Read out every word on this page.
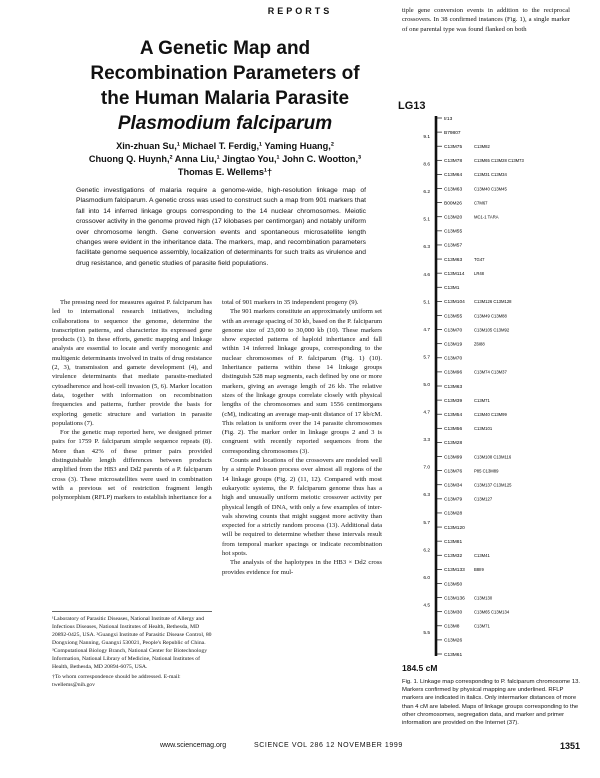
REPORTS
A Genetic Map and
Recombination Parameters of
the Human Malaria Parasite
Plasmodium falciparum
Xin-zhuan Su,¹ Michael T. Ferdig,¹ Yaming Huang,²
Chuong Q. Huynh,² Anna Liu,¹ Jingtao You,¹ John C. Wootton,³
Thomas E. Wellems¹†
Genetic investigations of malaria require a genome-wide, high-resolution linkage map of Plasmodium falciparum. A genetic cross was used to construct such a map from 901 markers that fall into 14 inferred linkage groups corresponding to the 14 nuclear chromosomes. Meiotic crossover activity in the genome proved high (17 kilobases per centimorgan) and notably uniform over chromosome length. Gene conversion events and spontaneous microsatellite length changes were evident in the inheritance data. The markers, map, and recombination parameters facilitate genome sequence assembly, localization of determinants for such traits as virulence and drug resistance, and genetic studies of parasite field populations.

The pressing need for measures against P. falciparum has led to international research initiatives, including collaborations to sequence the genome, determine the transcription patterns, and characterize its expressed gene products (1). In these efforts, genetic mapping and linkage analysis are essential to locate and verify monogenic and multigenic determinants involved in traits of drug resistance (2, 3), transmission and gamete development (4), and virulence determinants that mediate parasite-mediated cytoadherence and host-cell invasion (5, 6). Marker location data, together with information on recombination frequencies and patterns, further provide the basis for exploring genetic structure and variation in parasite populations (7).

For the genetic map reported here, we designed primer pairs for 1759 P. falciparum simple sequence repeats (8). More than 42% of these primer pairs provided distinguishable length differences between products amplified from the HB3 and Dd2 parents of a P. falciparum cross (3). These microsatellites were used in combination with a previous set of restriction fragment length polymorphism (RFLP) markers to establish inheritance for a

¹Laboratory of Parasitic Diseases, National Institute of Allergy and Infectious Diseases, National Institutes of Health, Bethesda, MD 20892-0425, USA. ²Guangxi Institute of Parasitic Disease Control, 80 Dongxiong Nanning, Guangxi 530021, People's Republic of China. ³Computational Biology Branch, National Center for Biotechnology Information, National Library of Medicine, National Institutes of Health, Bethesda, MD 20894-6075, USA.

†To whom correspondence should be addressed. E-mail: twellems@nih.gov

total of 901 markers in 35 independent progeny (9).

The 901 markers constitute an approximately uniform set with an average spacing of 30 kb, based on the P. falciparum genome size of 23,000 to 30,000 kb (10). These markers show expected patterns of haploid inheritance and fall within 14 inferred linkage groups, corresponding to the nuclear chromosomes of P. falciparum (Fig. 1) (10). Inheritance patterns within these 14 linkage groups distinguish 528 map segments, each defined by one or more markers, giving an average length of 26 kb. The relative sizes of the linkage groups correlate closely with physical lengths of the chromosomes and sum 1556 centimorgans (cM), indicating an average map-unit distance of 17 kb/cM. This relation is uniform over the 14 parasite chromosomes (Fig. 2). The marker order in linkage groups 2 and 3 is congruent with recently reported sequences from the corresponding chromosomes (3).

Counts and locations of the crossovers are modeled well by a simple Poisson process over almost all regions of the 14 linkage groups (Fig. 2) (11, 12). Compared with most eukaryotic systems, the P. falciparum genome thus has a high and unusually uniform meiotic crossover activity per physical length of DNA, with only a few examples of inter-vals showing counts that might suggest more activity than expected for a strictly random process (13). Additional data will be required to determine whether these intervals result from temporal marker spacings or indicate recombination hot spots.

The analysis of the haplotypes in the HB3 × Dd2 cross provides evidence for mul-

tiple gene conversion events in addition to the reciprocal crossovers. In 38 confirmed instances (Fig. 1), a single marker of one parental type was found flanked on both

LG13
9.1
8.6
6.2
5.1
6.3
4.6
5.1
4.7
5.7
5.0
4.7
3.3
7.0
6.3
5.7
6.2
6.0
4.5
5.5
tr13
B79807
C13M75	C13M82
C13M78	C13M65 C13M28 C13M73
C13M64	C13M31 C13M34
C13M63	C13M40 C13M45
B00M26	C7M67
C13M20	MC1-1 TARA
C13M55
C13M57
C13M63	TG47
C13M114 LR48
C13M1
C13M104 C13M126 C13M128
C13M55	C13M49 C13M88
C13M70	C13M105 C13M92
C13M19	Z6I88
C13M70
C13M96	C13M74 C13M37
C13M63
C13M39	C13M71
C13M54	C13M40 C13M99
C13M56	C13M101
C13M28
C13M99	C13M108 C13M116
C13M76	P85 C13M89
C13M34	C13M137 C13M125
C13M79	C13M127
C13M28
C13M120
C13M81
C13M32	C13M41
C13M133 B8II9
C13M50
C13M136 C13M130
C13M30	C13M65 C13M134
C13M8	C13M71
C13M26
C13M61
184.5 cM
Fig. 1. Linkage map corresponding to P. falciparum chromosome 13. Markers confirmed by physical mapping are underlined. RFLP markers are indicated in italics. Only intermarker distances of more than 4 cM are labeled. Maps of linkage groups corresponding to the other chromosomes, segregation data, and marker and primer information are provided on the Internet (37).
www.sciencemag.org	SCIENCE VOL 286 12 NOVEMBER 1999	1351
